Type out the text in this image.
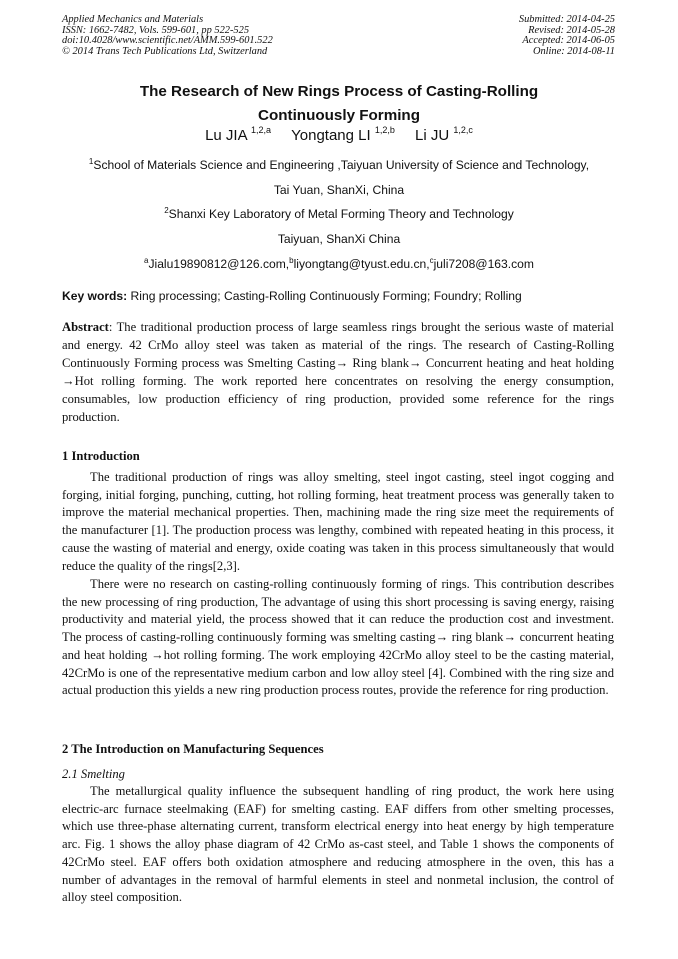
Applied Mechanics and Materials
ISSN: 1662-7482, Vols. 599-601, pp 522-525
doi:10.4028/www.scientific.net/AMM.599-601.522
© 2014 Trans Tech Publications Ltd, Switzerland
Submitted: 2014-04-25
Revised: 2014-05-28
Accepted: 2014-06-05
Online: 2014-08-11
The Research of New Rings Process of Casting-Rolling
Continuously Forming
Lu JIA $^{1,2,a}$ Yongtang LI $^{1,2,b}$ Li JU $^{1,2,c}$
$^1$School of Materials Science and Engineering ,Taiyuan University of Science and Technology,
Tai Yuan, ShanXi, China
$^2$Shanxi Key Laboratory of Metal Forming Theory and Technology
Taiyuan, ShanXi China
$^a$Jialu19890812@126.com,$^b$liyongtang@tyust.edu.cn,$^c$juli7208@163.com
Key words: Ring processing; Casting-Rolling Continuously Forming; Foundry; Rolling
Abstract: The traditional production process of large seamless rings brought the serious waste of material and energy. 42 CrMo alloy steel was taken as material of the rings. The research of Casting-Rolling Continuously Forming process was Smelting Casting→ Ring blank→ Concurrent heating and heat holding →Hot rolling forming. The work reported here concentrates on resolving the energy consumption, consumables, low production efficiency of ring production, provided some reference for the rings production.
1 Introduction
The traditional production of rings was alloy smelting, steel ingot casting, steel ingot cogging and forging, initial forging, punching, cutting, hot rolling forming, heat treatment process was generally taken to improve the material mechanical properties. Then, machining made the ring size meet the requirements of the manufacturer [1]. The production process was lengthy, combined with repeated heating in this process, it cause the wasting of material and energy, oxide coating was taken in this process simultaneously that would reduce the quality of the rings[2,3].
There were no research on casting-rolling continuously forming of rings. This contribution describes the new processing of ring production, The advantage of using this short processing is saving energy, raising productivity and material yield, the process showed that it can reduce the production cost and investment. The process of casting-rolling continuously forming was smelting casting→ ring blank→ concurrent heating and heat holding →hot rolling forming. The work employing 42CrMo alloy steel to be the casting material, 42CrMo is one of the representative medium carbon and low alloy steel [4]. Combined with the ring size and actual production this yields a new ring production process routes, provide the reference for ring production.
2 The Introduction on Manufacturing Sequences
2.1 Smelting
The metallurgical quality influence the subsequent handling of ring product, the work here using electric-arc furnace steelmaking (EAF) for smelting casting. EAF differs from other smelting processes, which use three-phase alternating current, transform electrical energy into heat energy by high temperature arc. Fig. 1 shows the alloy phase diagram of 42 CrMo as-cast steel, and Table 1 shows the components of 42CrMo steel. EAF offers both oxidation atmosphere and reducing atmosphere in the oven, this has a number of advantages in the removal of harmful elements in steel and nonmetal inclusion, the control of alloy steel composition.
